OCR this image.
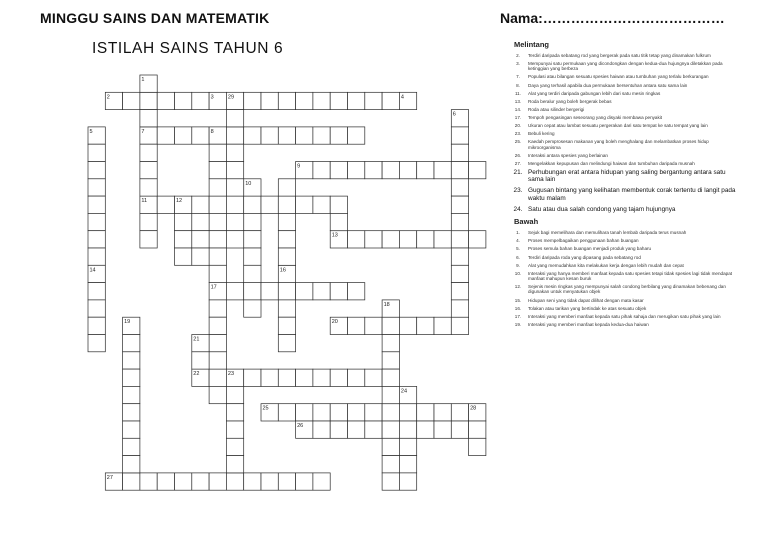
MINGGU SAINS DAN MATEMATIK	Nama:…………………………………
ISTILAH SAINS TAHUN 6
2	3	29	4
7	8
9
11	12
13
17
20
22	23
25	28
26
27
1
5
6
10
14	16
18
19
21
24
Melintang
2.	Terdiri daripada sebatang rod yang bergerak pada satu titik tetap yang dinamakan fulkrum
3.	Mempunyai satu permukaan yang dicondongkan dengan kedua-dua hujungnya diletakkan pada ketinggian yang berbeza
7.	Populasi atau bilangan sesuatu spesies haiwan atau tumbuhan yang terlalu berkurangan
8.	Daya yang terhasil apabila dua permukaan bersentuhan antara satu sama lain
11.	Alat yang terdiri daripada gabungan lebih dari satu mesin ringkas
13.	Roda beralur yang boleh bergerak bebas
14.	Roda atau silinder bergerigi
17.	Tempoh pengasingan seseorang yang disyaki membawa penyakit
20.	Ukuran cepat atau lambat sesuatu pergerakan dari satu tempat ke satu tempat yang lain
23.	Bebuli kering
25.	Kaedah pemprosesan makanan yang boleh menghalang dan melambatkan proses hidup mikroorganisma
26.	Interaksi antara spesies yang berlainan
27.	Mengelakkan kepupusan dan melindungi haiwan dan tumbuhan daripada musnah
21. Perhubungan erat antara hidupan yang saling bergantung antara satu sama lain
23. Gugusan bintang yang kelihatan membentuk corak tertentu di langit pada waktu malam
24. Satu atau dua salah condong yang tajam hujungnya
Bawah
1.	Sejuk bagi memelihara dan memulihara tanah lembab daripada terus musnah
4.	Proses mempelbagaikan penggunaan bahan buangan
5.	Proses semula bahan buangan menjadi produk yang baharu
6.	Terdiri daripada roda yang dipasang pada sebatang rod
9.	Alat yang memudahkan kita melakukan kerja dengan lebih mudah dan cepat
10.	Interaksi yang hanya memberi manfaat kepada satu spesies tetapi tidak spesies lagi tidak mendapat manfaat mahupun kesan buruk
12.	Sejenis mesin ringkas yang mempunyai salah condong berbilang yang dinamakan bebenang dan digunakan untuk menyatukan objek
15.	Hidupan seni yang tidak dapat dilihat dengan mata kasar
16.	Tolakan atau tarikan yang bertindak ke atas sesuatu objek
17.	Interaksi yang memberi manfaat kepada satu pihak sahaja dan merugikan satu pihak yang lain
19.	Interaksi yang memberi manfaat kepada kedua-dua haiwan
